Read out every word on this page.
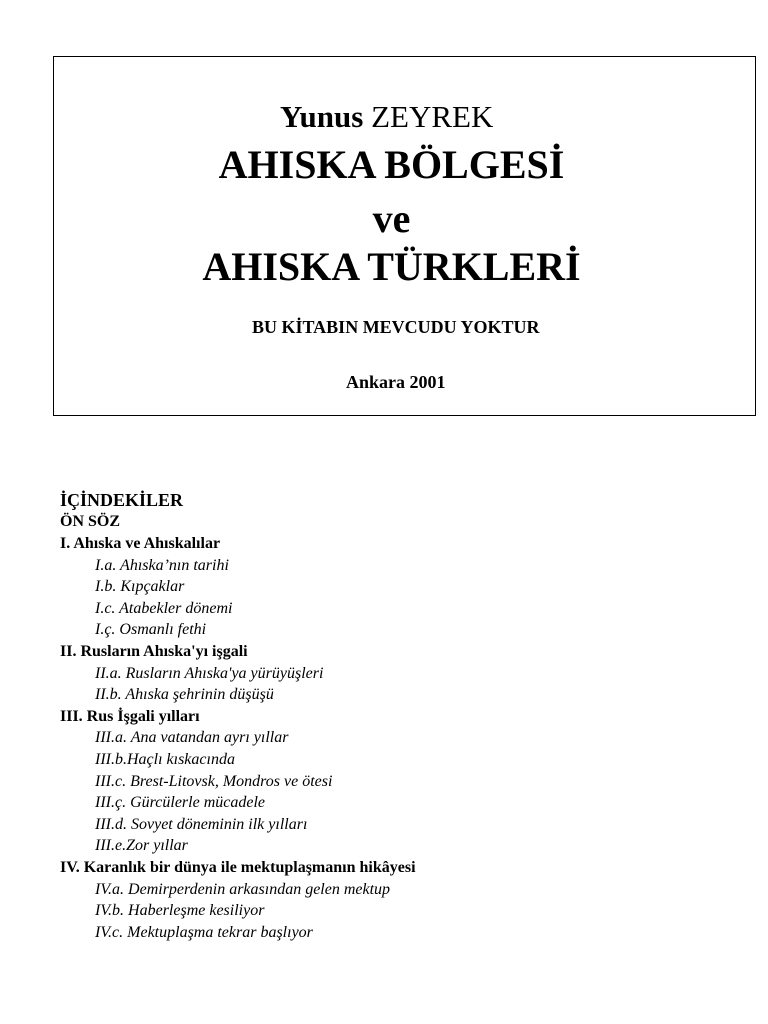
Yunus ZEYREK
AHISKA BÖLGESİ
ve
AHISKA TÜRKLERİ
BU KİTABIN MEVCUDU YOKTUR
Ankara 2001
İÇİNDEKİLER
ÖN SÖZ
I. Ahıska ve Ahıskalılar
I.a. Ahıska’nın tarihi
I.b. Kıpçaklar
I.c. Atabekler dönemi
I.ç. Osmanlı fethi
II. Rusların Ahıska'yı işgali
II.a. Rusların Ahıska'ya yürüyüşleri
II.b. Ahıska şehrinin düşüşü
III. Rus İşgali yılları
III.a. Ana vatandan ayrı yıllar
III.b.Haçlı kıskacında
III.c. Brest-Litovsk, Mondros ve ötesi
III.ç. Gürcülerle mücadele
III.d. Sovyet döneminin ilk yılları
III.e.Zor yıllar
IV. Karanlık bir dünya ile mektuplaşmanın hikâyesi
IV.a. Demirperdenin arkasından gelen mektup
IV.b. Haberleşme kesiliyor
IV.c. Mektuplaşma tekrar başlıyor
